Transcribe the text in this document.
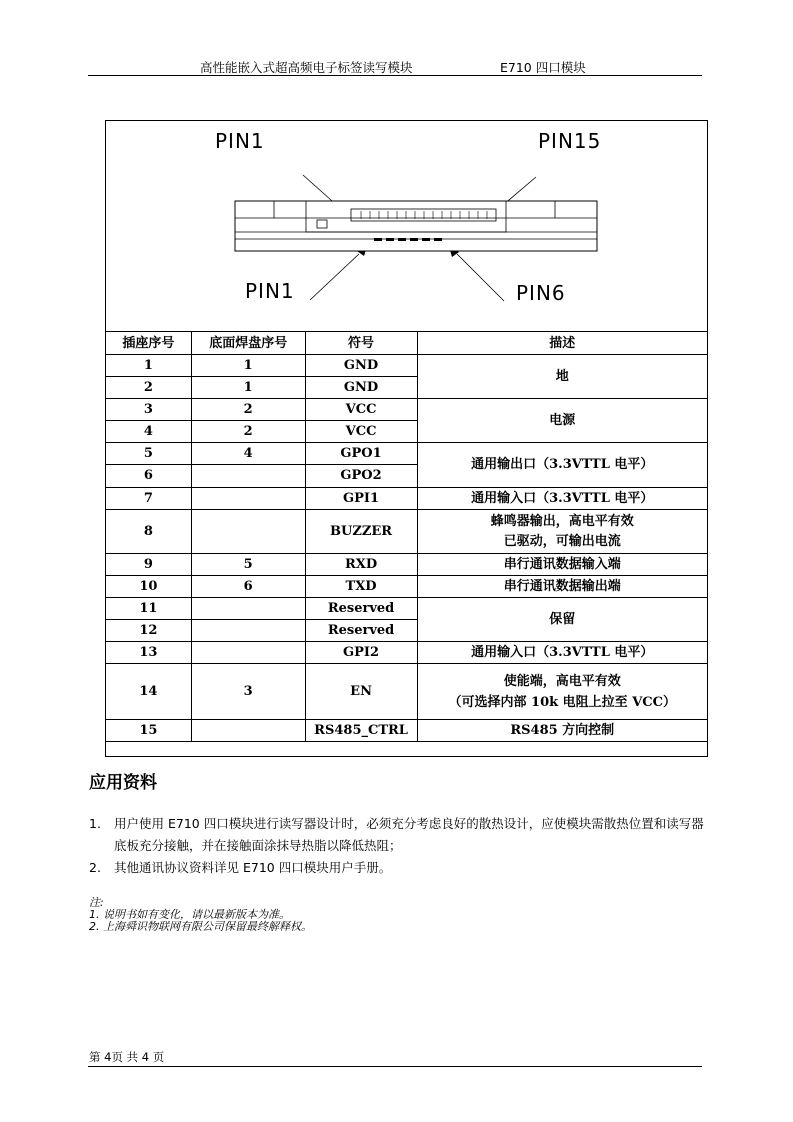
高性能嵌入式超高频电子标签读写模块	E710 四口模块
PIN1	PIN15
PIN1	PIN6
插座序号	底面焊盘序号	符号	描述
1	1	GND	地
2	1	GND	
3	2	VCC	电源
4	2	VCC	
5	4	GPO1	通用输出口（3.3VTTL 电平）
6		GPO2	
7		GPI1	通用输入口（3.3VTTL 电平）
8		BUZZER	蜂鸣器输出，高电平有效
已驱动，可输出电流

9	5	RXD	串行通讯数据输入端
10	6	TXD	串行通讯数据输出端
11		Reserved	保留
12		Reserved	
13		GPI2	通用输入口（3.3VTTL 电平）
14	3	EN	使能端，高电平有效
（可选择内部 10k 电阻上拉至 VCC）

15		RS485_CTRL	RS485 方向控制
应用资料
1. 用户使用 E710 四口模块进行读写器设计时，必须充分考虑良好的散热设计，应使模块需散热位置和读写器底板充分接触，并在接触面涂抹导热脂以降低热阻；
2. 其他通讯协议资料详见 E710 四口模块用户手册。
注:
1. 说明书如有变化，请以最新版本为准。
2. 上海舜识物联网有限公司保留最终解释权。
第 4页 共 4 页
